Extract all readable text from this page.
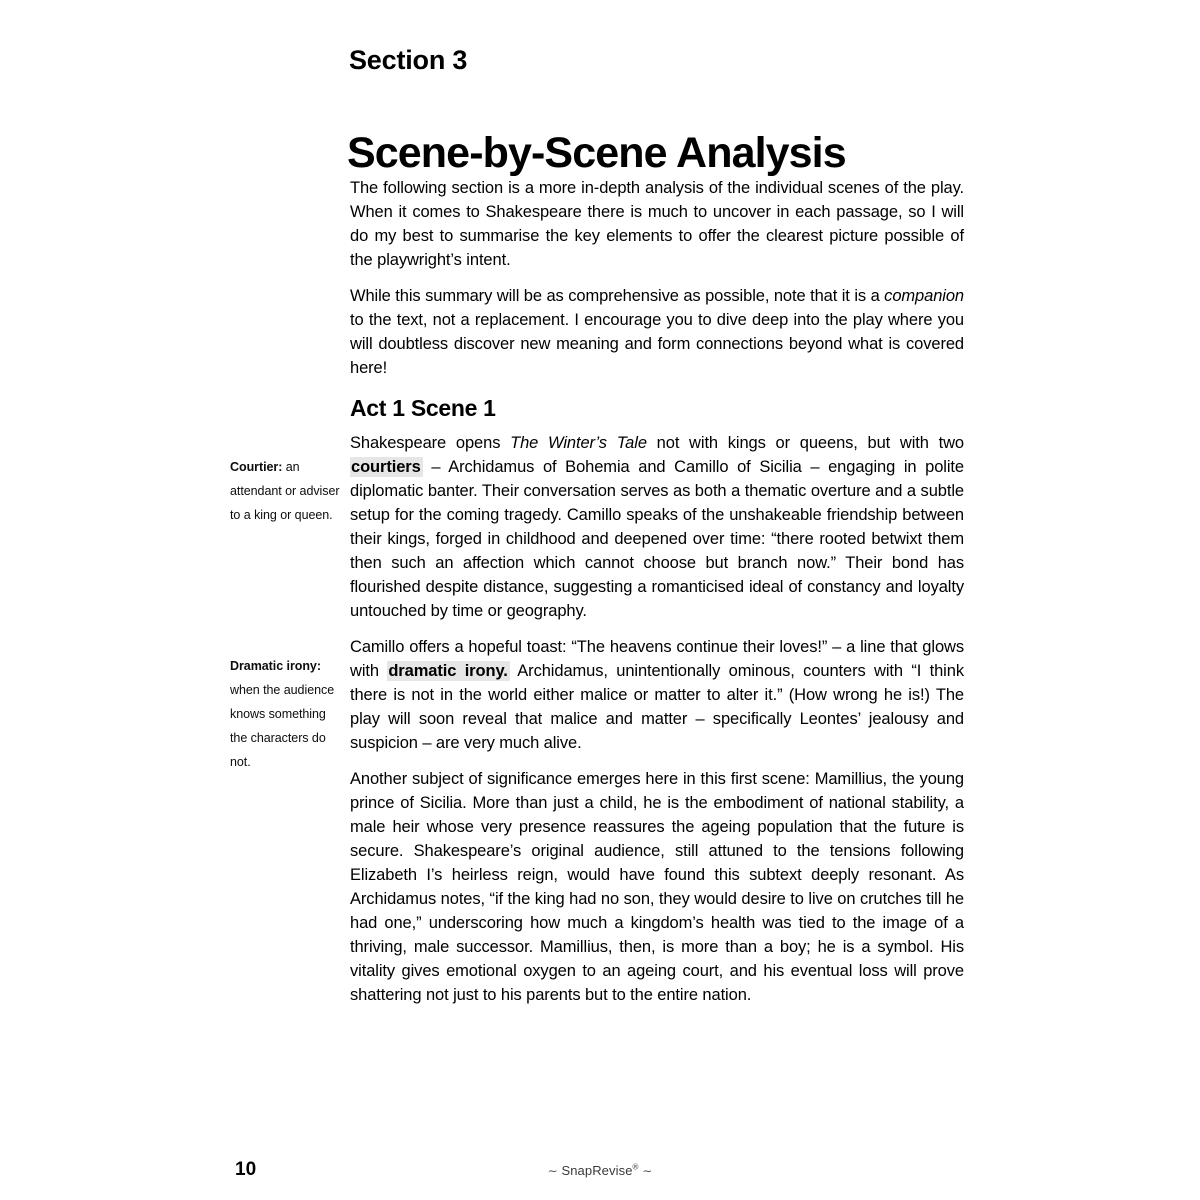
Section 3
Scene-by-Scene Analysis
Courtier: an attendant or adviser to a king or queen.
Dramatic irony: when the audience knows something the characters do not.

The following section is a more in-depth analysis of the individual scenes of the play. When it comes to Shakespeare there is much to uncover in each passage, so I will do my best to summarise the key elements to offer the clearest picture possible of the playwright’s intent.

While this summary will be as comprehensive as possible, note that it is a companion to the text, not a replacement. I encourage you to dive deep into the play where you will doubtless discover new meaning and form connections beyond what is covered here!

Act 1 Scene 1

Shakespeare opens The Winter’s Tale not with kings or queens, but with two courtiers – Archidamus of Bohemia and Camillo of Sicilia – engaging in polite diplomatic banter. Their conversation serves as both a thematic overture and a subtle setup for the coming tragedy. Camillo speaks of the unshakeable friendship between their kings, forged in childhood and deepened over time: “there rooted betwixt them then such an affection which cannot choose but branch now.” Their bond has flourished despite distance, suggesting a romanticised ideal of constancy and loyalty untouched by time or geography.

Camillo offers a hopeful toast: “The heavens continue their loves!” – a line that glows with dramatic irony. Archidamus, unintentionally ominous, counters with “I think there is not in the world either malice or matter to alter it.” (How wrong he is!) The play will soon reveal that malice and matter – specifically Leontes’ jealousy and suspicion – are very much alive.

Another subject of significance emerges here in this first scene: Mamillius, the young prince of Sicilia. More than just a child, he is the embodiment of national stability, a male heir whose very presence reassures the ageing population that the future is secure. Shakespeare’s original audience, still attuned to the tensions following Elizabeth I’s heirless reign, would have found this subtext deeply resonant. As Archidamus notes, “if the king had no son, they would desire to live on crutches till he had one,” underscoring how much a kingdom’s health was tied to the image of a thriving, male successor. Mamillius, then, is more than a boy; he is a symbol. His vitality gives emotional oxygen to an ageing court, and his eventual loss will prove shattering not just to his parents but to the entire nation.

10	∼ SnapRevise® ∼
